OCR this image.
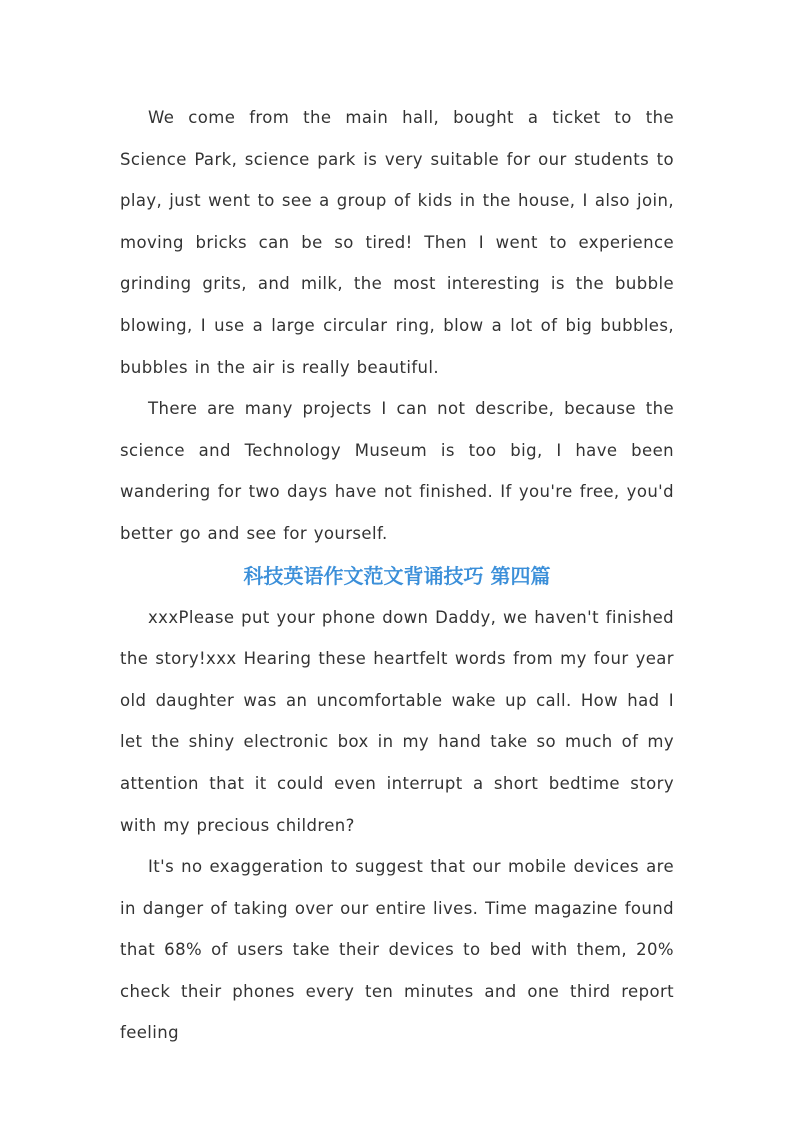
We come from the main hall, bought a ticket to the Science Park, science park is very suitable for our students to play, just went to see a group of kids in the house, I also join, moving bricks can be so tired! Then I went to experience grinding grits, and milk, the most interesting is the bubble blowing, I use a large circular ring, blow a lot of big bubbles, bubbles in the air is really beautiful.

There are many projects I can not describe, because the science and Technology Museum is too big, I have been wandering for two days have not finished. If you're free, you'd better go and see for yourself.

科技英语作文范文背诵技巧 第四篇

xxxPlease put your phone down Daddy, we haven't finished the story!xxx Hearing these heartfelt words from my four year old daughter was an uncomfortable wake up call. How had I let the shiny electronic box in my hand take so much of my attention that it could even interrupt a short bedtime story with my precious children?

It's no exaggeration to suggest that our mobile devices are in danger of taking over our entire lives. Time magazine found that 68% of users take their devices to bed with them, 20% check their phones every ten minutes and one third report feeling
